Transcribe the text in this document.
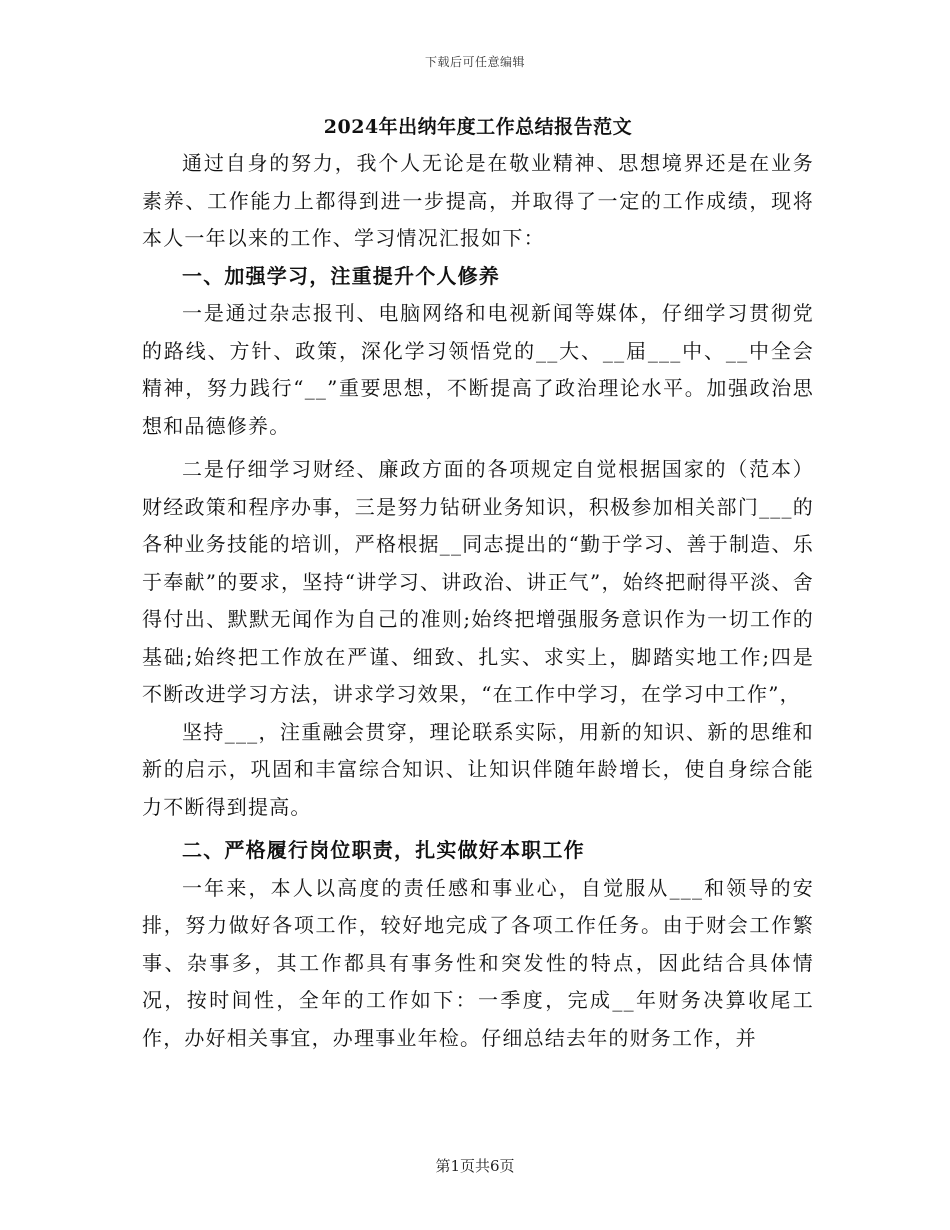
下载后可任意编辑
2024年出纳年度工作总结报告范文

通过自身的努力，我个人无论是在敬业精神、思想境界还是在业务素养、工作能力上都得到进一步提高，并取得了一定的工作成绩，现将本人一年以来的工作、学习情况汇报如下：

一、加强学习，注重提升个人修养

一是通过杂志报刊、电脑网络和电视新闻等媒体，仔细学习贯彻党的路线、方针、政策，深化学习领悟党的__大、__届___中、__中全会精神，努力践行“__”重要思想，不断提高了政治理论水平。加强政治思想和品德修养。

二是仔细学习财经、廉政方面的各项规定自觉根据国家的（范本）财经政策和程序办事，三是努力钻研业务知识，积极参加相关部门___的各种业务技能的培训，严格根据__同志提出的“勤于学习、善于制造、乐于奉献”的要求，坚持“讲学习、讲政治、讲正气”，始终把耐得平淡、舍得付出、默默无闻作为自己的准则;始终把增强服务意识作为一切工作的基础;始终把工作放在严谨、细致、扎实、求实上，脚踏实地工作;四是不断改进学习方法，讲求学习效果，“在工作中学习，在学习中工作”，

坚持___，注重融会贯穿，理论联系实际，用新的知识、新的思维和新的启示，巩固和丰富综合知识、让知识伴随年龄增长，使自身综合能力不断得到提高。

二、严格履行岗位职责，扎实做好本职工作

一年来，本人以高度的责任感和事业心，自觉服从___和领导的安排，努力做好各项工作，较好地完成了各项工作任务。由于财会工作繁事、杂事多，其工作都具有事务性和突发性的特点，因此结合具体情况，按时间性，全年的工作如下：一季度，完成__年财务决算收尾工作，办好相关事宜，办理事业年检。仔细总结去年的财务工作，并

第1页共6页
